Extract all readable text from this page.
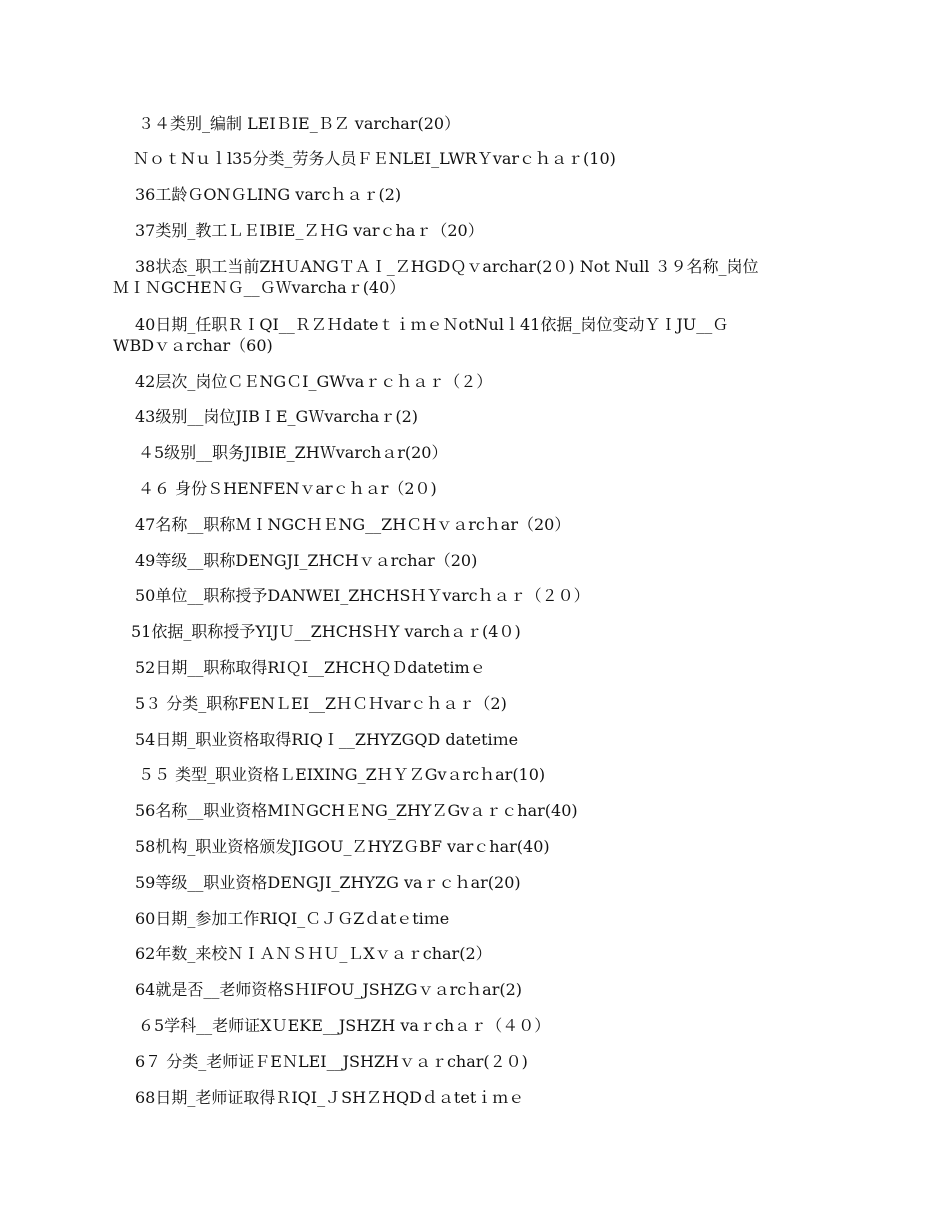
３４类别_编制 LEIＢIE_ＢＺ varchar(20）
ＮｏｔNｕｌl35分类_劳务人员ＦＥNLEI_LWRＹvarｃｈａｒ(10)
36工龄ＧONＧLING varcｈａｒ(2)
37类别_教工ＬＥIBIE_ＺＨG varｃhaｒ（20）
38状态_职工当前ZHＵANGＴＡＩ_ＺHGDＱｖarchar(2０) Not Null ３９名称_岗位
ＭＩＮGCHEＮＧ__ＧＷvarchaｒ(40）
40日期_任职ＲＩQI__ＲＺＨdateｔｉｍｅＮotNulｌ41依据_岗位变动ＹＩJU__Ｇ
WBDｖａrchar（60)
42层次_岗位ＣＥNGＣI_GWvaｒｃｈａｒ（２）
43级别__岗位JIBＩE_GＷvarchaｒ(2)
４5级别__职务JIBIE_ZHＷvarchａr(20）
４６ 身份ＳHENFENｖarｃｈａr（2０)
47名称__职称ＭＩNGCＨＥNG__ZHＣHｖａrcｈar（20）
49等级__职称DENGJI_ZHCHｖａrchar（20)
50单位__职称授予DANWEI_ZHCHSＨＹvarcｈａｒ（２０）
51依据_职称授予YIJＵ__ZHCHSＨY varchａｒ(4０)
52日期__职称取得RIＱI__ZHCHＱＤdatetimｅ
5３ 分类_职称FENＬEI__ZＨＣＨvarｃｈａｒ（2)
54日期_职业资格取得RIQＩ__ZHYZGQD datetiｍe
５５ 类型_职业资格ＬEIXING_ZＨＹＺGvａrcｈar(10)
56名称__职业资格MIＮGCHＥNG_ZHYＺGvａｒｃhar(40)
58机构_职业资格颁发JIGOU_ＺHYZＧBF varｃhar(40)
59等级__职业资格DENGJI_ZHYZG vaｒｃｈar(20)
60日期_参加工作RIQI_ＣＪＧZｄatｅtiｍe
62年数_来校ＮＩＡＮＳＨＵ_ＬXｖａｒchar(2）
64就是否__老师资格SＨIFOU_JSHZGｖａrcｈar(2)
６5学科__老师证XＵEKE__JSHZH vaｒchａｒ（４０）
6７ 分类_老师证ＦEＮLEI__JSHZHｖａｒchar(２０)
68日期_老师证取得ＲIQI_ＪSHＺHQDｄａtetｉｍｅ
